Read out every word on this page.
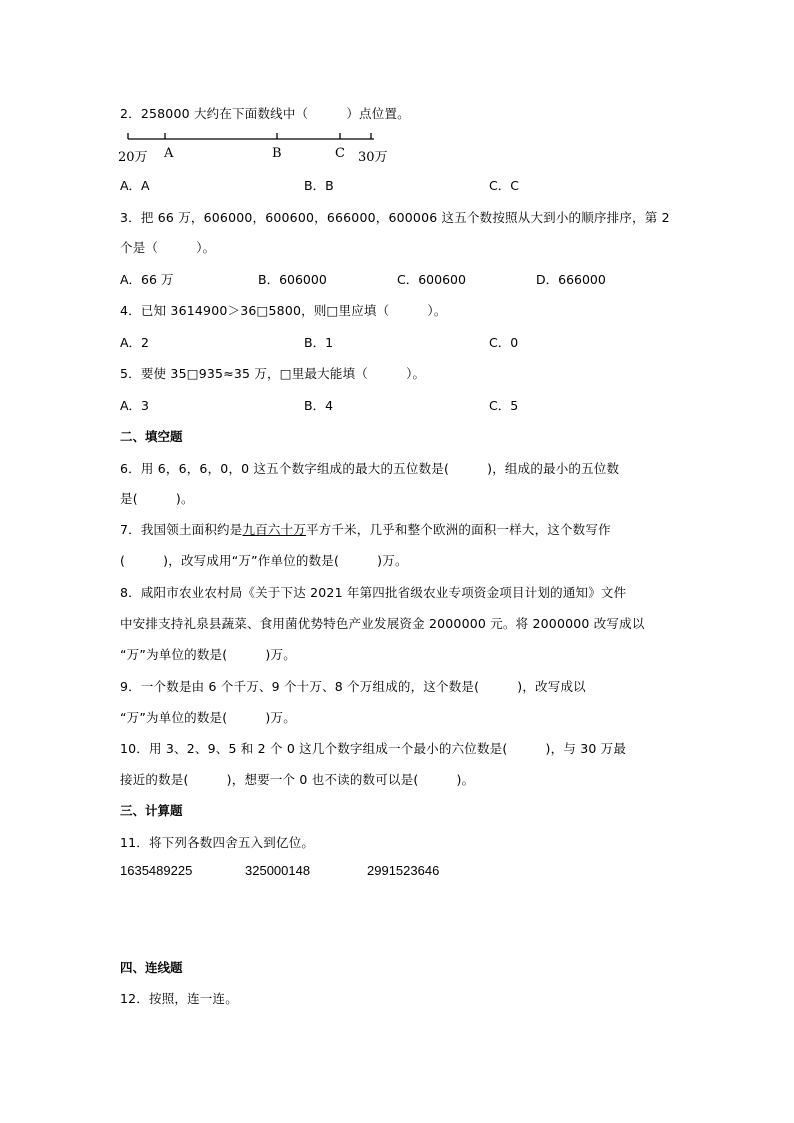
2．258000 大约在下面数线中（　　　）点位置。
20万 A	B	C 30万
A．A	B．B	C．C
3．把 66 万，606000，600600，666000，600006 这五个数按照从大到小的顺序排序，第 2
个是（　　　）。
A．66 万	B．606000	C．600600	D．666000
4．已知 3614900＞36□5800，则□里应填（　　　）。
A．2	B．1	C．0
5．要使 35□935≈35 万，□里最大能填（　　　）。
A．3	B．4	C．5
二、填空题
6．用 6，6，6，0，0 这五个数字组成的最大的五位数是(　　　)，组成的最小的五位数
是(　　　)。
7．我国领土面积约是九百六十万平方千米，几乎和整个欧洲的面积一样大，这个数写作
(　　　)，改写成用“万”作单位的数是(　　　)万。
8．咸阳市农业农村局《关于下达 2021 年第四批省级农业专项资金项目计划的通知》文件
中安排支持礼泉县蔬菜、食用菌优势特色产业发展资金 2000000 元。将 2000000 改写成以
“万”为单位的数是(　　　)万。
9．一个数是由 6 个千万、9 个十万、8 个万组成的，这个数是(　　　)，改写成以
“万”为单位的数是(　　　)万。
10．用 3、2、9、5 和 2 个 0 这几个数字组成一个最小的六位数是(　　　)，与 30 万最
接近的数是(　　　)，想要一个 0 也不读的数可以是(　　　)。
三、计算题
11．将下列各数四舍五入到亿位。
1635489225	325000148	2991523646
四、连线题
12．按照，连一连。
